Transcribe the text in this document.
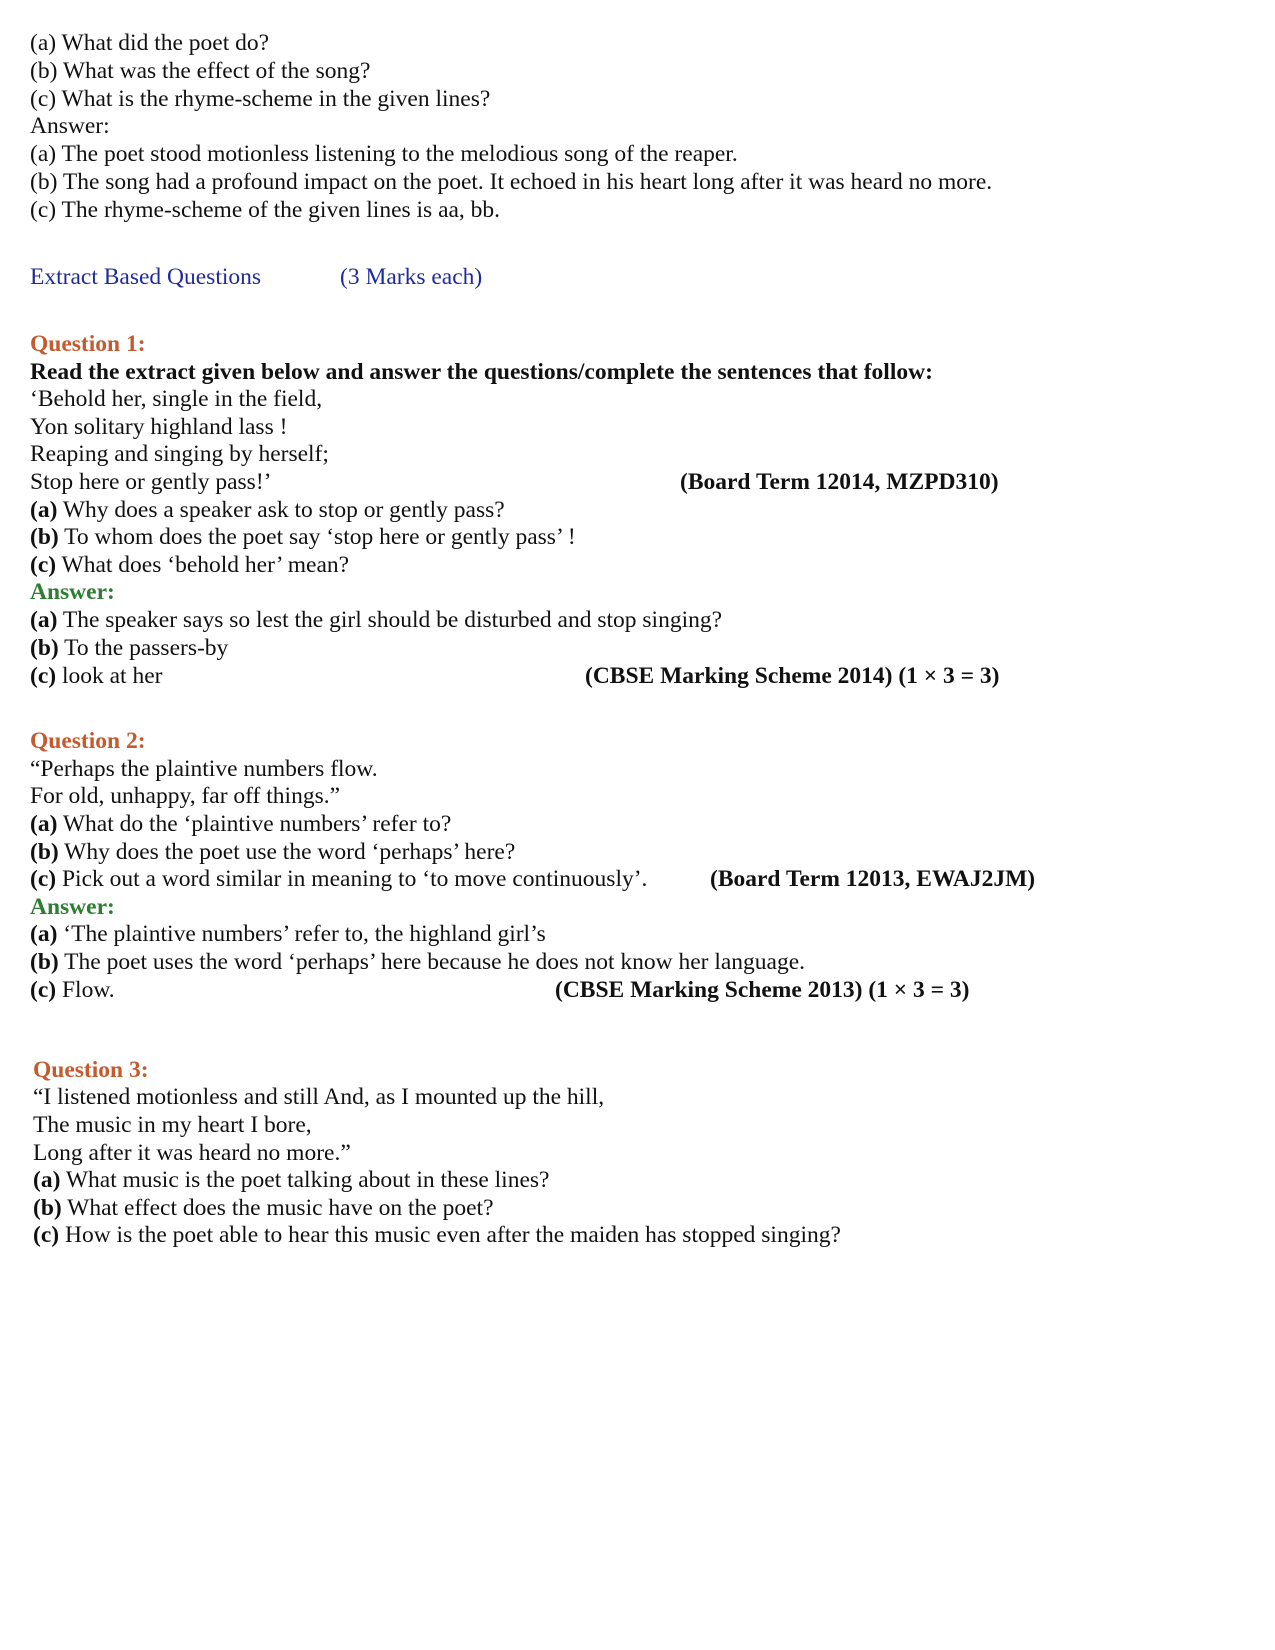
(a) What did the poet do?
(b) What was the effect of the song?
(c) What is the rhyme-scheme in the given lines?
Answer:
(a) The poet stood motionless listening to the melodious song of the reaper.
(b) The song had a profound impact on the poet. It echoed in his heart long after it was heard no more.
(c) The rhyme-scheme of the given lines is aa, bb.
Extract Based Questions	(3 Marks each)
Question 1:
Read the extract given below and answer the questions/complete the sentences that follow:
‘Behold her, single in the field,
Yon solitary highland lass !
Reaping and singing by herself;
Stop here or gently pass!’	(Board Term 12014, MZPD310)
(a) Why does a speaker ask to stop or gently pass?
(b) To whom does the poet say ‘stop here or gently pass’ !
(c) What does ‘behold her’ mean?
Answer:
(a) The speaker says so lest the girl should be disturbed and stop singing?
(b) To the passers-by
(c) look at her	(CBSE Marking Scheme 2014) (1 × 3 = 3)
Question 2:
“Perhaps the plaintive numbers flow.
For old, unhappy, far off things.”
(a) What do the ‘plaintive numbers’ refer to?
(b) Why does the poet use the word ‘perhaps’ here?
(c) Pick out a word similar in meaning to ‘to move continuously’.	(Board Term 12013, EWAJ2JM)
Answer:
(a) ‘The plaintive numbers’ refer to, the highland girl’s
(b) The poet uses the word ‘perhaps’ here because he does not know her language.
(c) Flow.	(CBSE Marking Scheme 2013) (1 × 3 = 3)
Question 3:
“I listened motionless and still And, as I mounted up the hill,
The music in my heart I bore,
Long after it was heard no more.”
(a) What music is the poet talking about in these lines?
(b) What effect does the music have on the poet?
(c) How is the poet able to hear this music even after the maiden has stopped singing?
